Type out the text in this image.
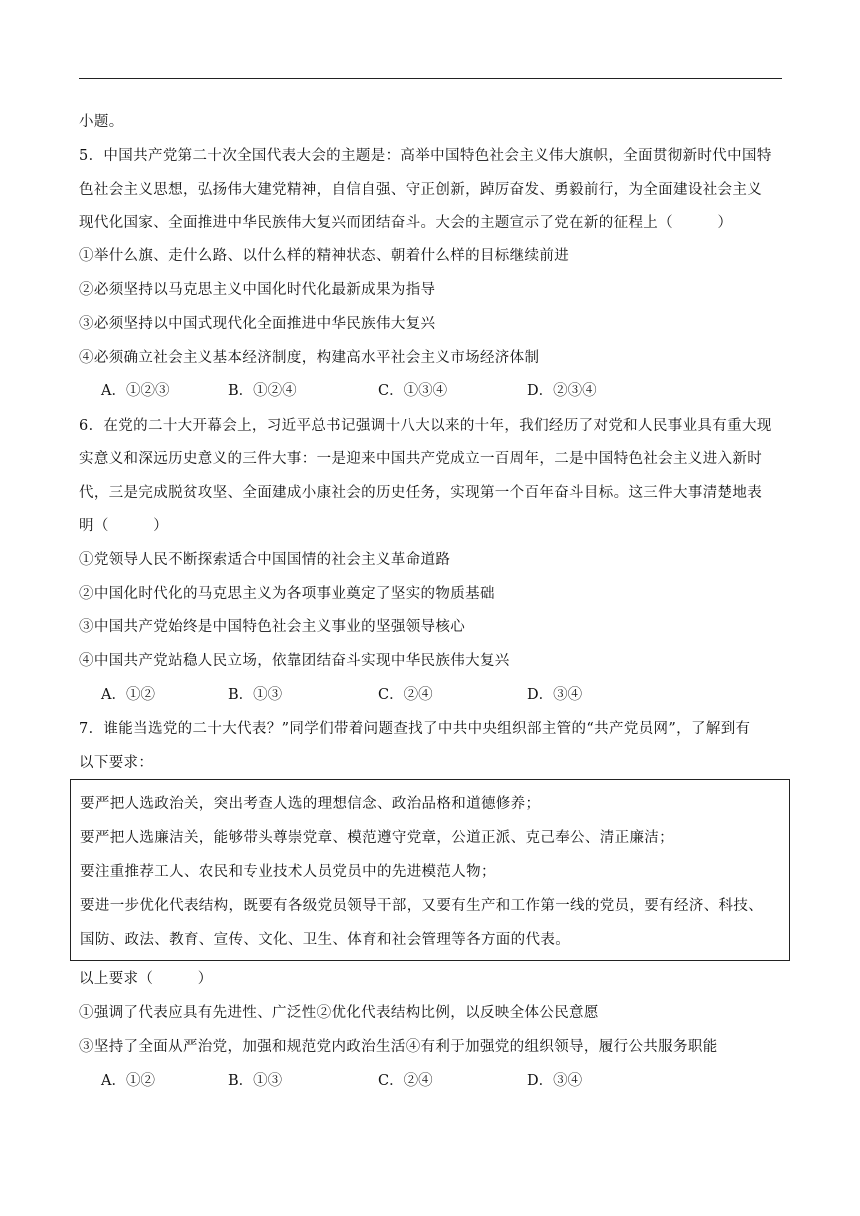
小题。
5．中国共产党第二十次全国代表大会的主题是：高举中国特色社会主义伟大旗帜，全面贯彻新时代中国特
色社会主义思想，弘扬伟大建党精神，自信自强、守正创新，踔厉奋发、勇毅前行，为全面建设社会主义
现代化国家、全面推进中华民族伟大复兴而团结奋斗。大会的主题宣示了党在新的征程上（　　　）
①举什么旗、走什么路、以什么样的精神状态、朝着什么样的目标继续前进
②必须坚持以马克思主义中国化时代化最新成果为指导
③必须坚持以中国式现代化全面推进中华民族伟大复兴
④必须确立社会主义基本经济制度，构建高水平社会主义市场经济体制
A．①②③	B．①②④	C．①③④	D．②③④
6．在党的二十大开幕会上，习近平总书记强调十八大以来的十年，我们经历了对党和人民事业具有重大现
实意义和深远历史意义的三件大事：一是迎来中国共产党成立一百周年，二是中国特色社会主义进入新时
代，三是完成脱贫攻坚、全面建成小康社会的历史任务，实现第一个百年奋斗目标。这三件大事清楚地表
明（　　　）
①党领导人民不断探索适合中国国情的社会主义革命道路
②中国化时代化的马克思主义为各项事业奠定了坚实的物质基础
③中国共产党始终是中国特色社会主义事业的坚强领导核心
④中国共产党站稳人民立场，依靠团结奋斗实现中华民族伟大复兴
A．①②	B．①③	C．②④	D．③④
7．谁能当选党的二十大代表？”同学们带着问题查找了中共中央组织部主管的“共产党员网”，了解到有
以下要求：
要严把人选政治关，突出考查人选的理想信念、政治品格和道德修养；
要严把人选廉洁关，能够带头尊崇党章、模范遵守党章，公道正派、克己奉公、清正廉洁；
要注重推荐工人、农民和专业技术人员党员中的先进模范人物；
要进一步优化代表结构，既要有各级党员领导干部，又要有生产和工作第一线的党员，要有经济、科技、
国防、政法、教育、宣传、文化、卫生、体育和社会管理等各方面的代表。
以上要求（　　　）
①强调了代表应具有先进性、广泛性②优化代表结构比例，以反映全体公民意愿
③坚持了全面从严治党，加强和规范党内政治生活④有利于加强党的组织领导，履行公共服务职能
A．①②	B．①③	C．②④	D．③④
